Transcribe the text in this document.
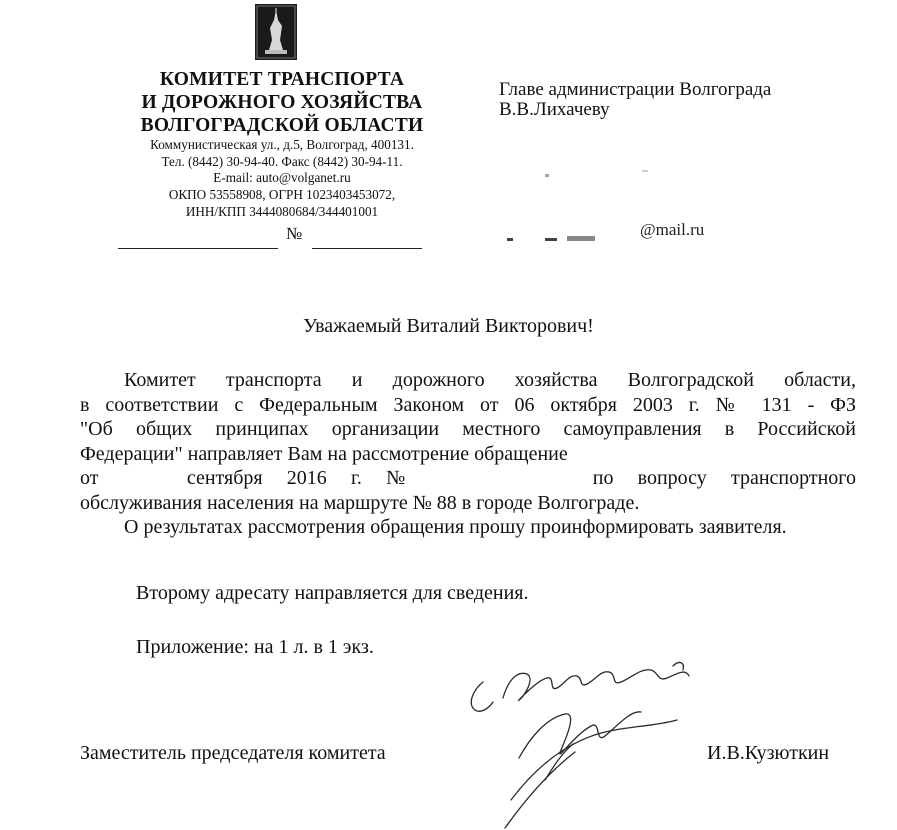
КОМИТЕТ ТРАНСПОРТА
И ДОРОЖНОГО ХОЗЯЙСТВА
ВОЛГОГРАДСКОЙ ОБЛАСТИ
Коммунистическая ул., д.5, Волгоград, 400131.
Тел. (8442) 30-94-40. Факс (8442) 30-94-11.
E-mail: auto@volganet.ru
ОКПО 53558908, ОГРН 1023403453072,
ИНН/КПП 3444080684/344401001
№
Главе администрации Волгограда
В.В.Лихачеву
@mail.ru
Уважаемый Виталий Викторович!

Комитет транспорта и дорожного хозяйства Волгоградской области,

в соответствии с Федеральным Законом от 06 октября 2003 г. № 131 - ФЗ

"Об общих принципах организации местного самоуправления в Российской

Федерации" направляет Вам на рассмотрение обращение

от	сентября 2016 г. №	по вопросу транспортного

обслуживания населения на маршруте № 88 в городе Волгограде.

О результатах рассмотрения обращения прошу проинформировать заявителя.

Второму адресату направляется для сведения.
Приложение: на 1 л. в 1 экз.
Заместитель председателя комитета	И.В.Кузюткин
